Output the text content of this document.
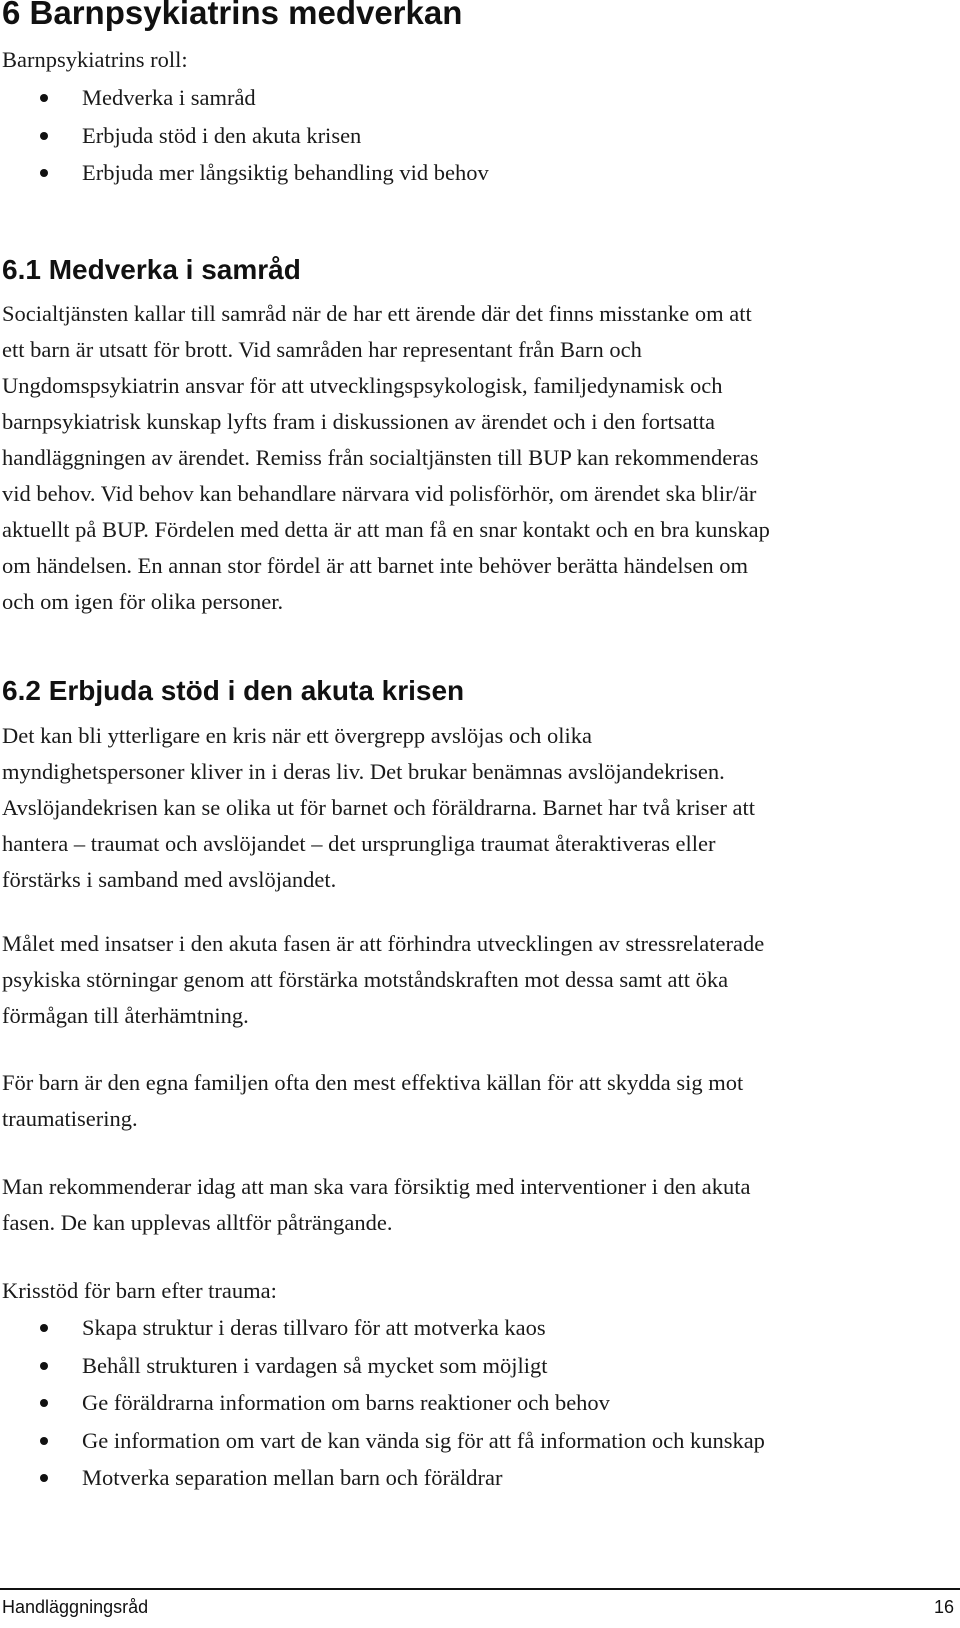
6 Barnpsykiatrins medverkan
Barnpsykiatrins roll:
Medverka i samråd
Erbjuda stöd i den akuta krisen
Erbjuda mer långsiktig behandling vid behov
6.1 Medverka i samråd
Socialtjänsten kallar till samråd när de har ett ärende där det finns misstanke om att
ett barn är utsatt för brott. Vid samråden har representant från Barn och
Ungdomspsykiatrin ansvar för att utvecklingspsykologisk, familjedynamisk och
barnpsykiatrisk kunskap lyfts fram i diskussionen av ärendet och i den fortsatta
handläggningen av ärendet. Remiss från socialtjänsten till BUP kan rekommenderas
vid behov. Vid behov kan behandlare närvara vid polisförhör, om ärendet ska blir/är
aktuellt på BUP. Fördelen med detta är att man få en snar kontakt och en bra kunskap
om händelsen. En annan stor fördel är att barnet inte behöver berätta händelsen om
och om igen för olika personer.
6.2 Erbjuda stöd i den akuta krisen
Det kan bli ytterligare en kris när ett övergrepp avslöjas och olika
myndighetspersoner kliver in i deras liv. Det brukar benämnas avslöjandekrisen.
Avslöjandekrisen kan se olika ut för barnet och föräldrarna. Barnet har två kriser att
hantera – traumat och avslöjandet – det ursprungliga traumat återaktiveras eller
förstärks i samband med avslöjandet.
Målet med insatser i den akuta fasen är att förhindra utvecklingen av stressrelaterade
psykiska störningar genom att förstärka motståndskraften mot dessa samt att öka
förmågan till återhämtning.
För barn är den egna familjen ofta den mest effektiva källan för att skydda sig mot
traumatisering.
Man rekommenderar idag att man ska vara försiktig med interventioner i den akuta
fasen. De kan upplevas alltför påträngande.
Krisstöd för barn efter trauma:
Skapa struktur i deras tillvaro för att motverka kaos
Behåll strukturen i vardagen så mycket som möjligt
Ge föräldrarna information om barns reaktioner och behov
Ge information om vart de kan vända sig för att få information och kunskap
Motverka separation mellan barn och föräldrar
Handläggningsråd	16
